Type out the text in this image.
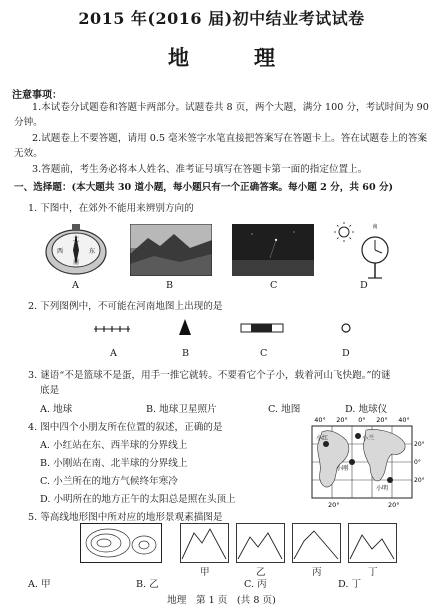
2015 年(2016 届)初中结业考试试卷
地　理
注意事项：
1.本试卷分试题卷和答题卡两部分。试题卷共 8 页，两个大题，满分 100 分，考试时间为 90 分钟。
2.试题卷上不要答题，请用 0.5 毫米签字水笔直接把答案写在答题卡上。答在试题卷上的答案无效。
3.答题前，考生务必将本人姓名、准考证号填写在答题卡第一面的指定位置上。
一、选择题：(本大题共 30 道小题，每小题只有一个正确答案。每小题 2 分，共 60 分)
1. 下图中，在郊外不能用来辨别方向的
北
西	东
南
南
A	B	C	D
2. 下列图例中，不可能在河南地图上出现的是
A	B	C	D
3. 谜语“不是篮球不是蛋，用手一推它就转。不要看它个子小，载着河山飞快跑。”的谜
底是
A. 地球	B. 地球卫星照片	C. 地图	D. 地球仪
4. 图中四个小朋友所在位置的叙述，正确的是
A. 小红站在东、西半球的分界线上
B. 小刚站在南、北半球的分界线上
C. 小兰所在的地方气候终年寒冷
D. 小明所在的地方正午的太阳总是照在头顶上
40° 20° 0° 20° 40°
小红	小兰
小刚
小明
20°
0°
20°
20°	20°
5. 等高线地形图中所对应的地形景观素描图是
甲	乙	丙	丁
A. 甲	B. 乙	C. 丙	D. 丁
地理　第 1 页　(共 8 页)
